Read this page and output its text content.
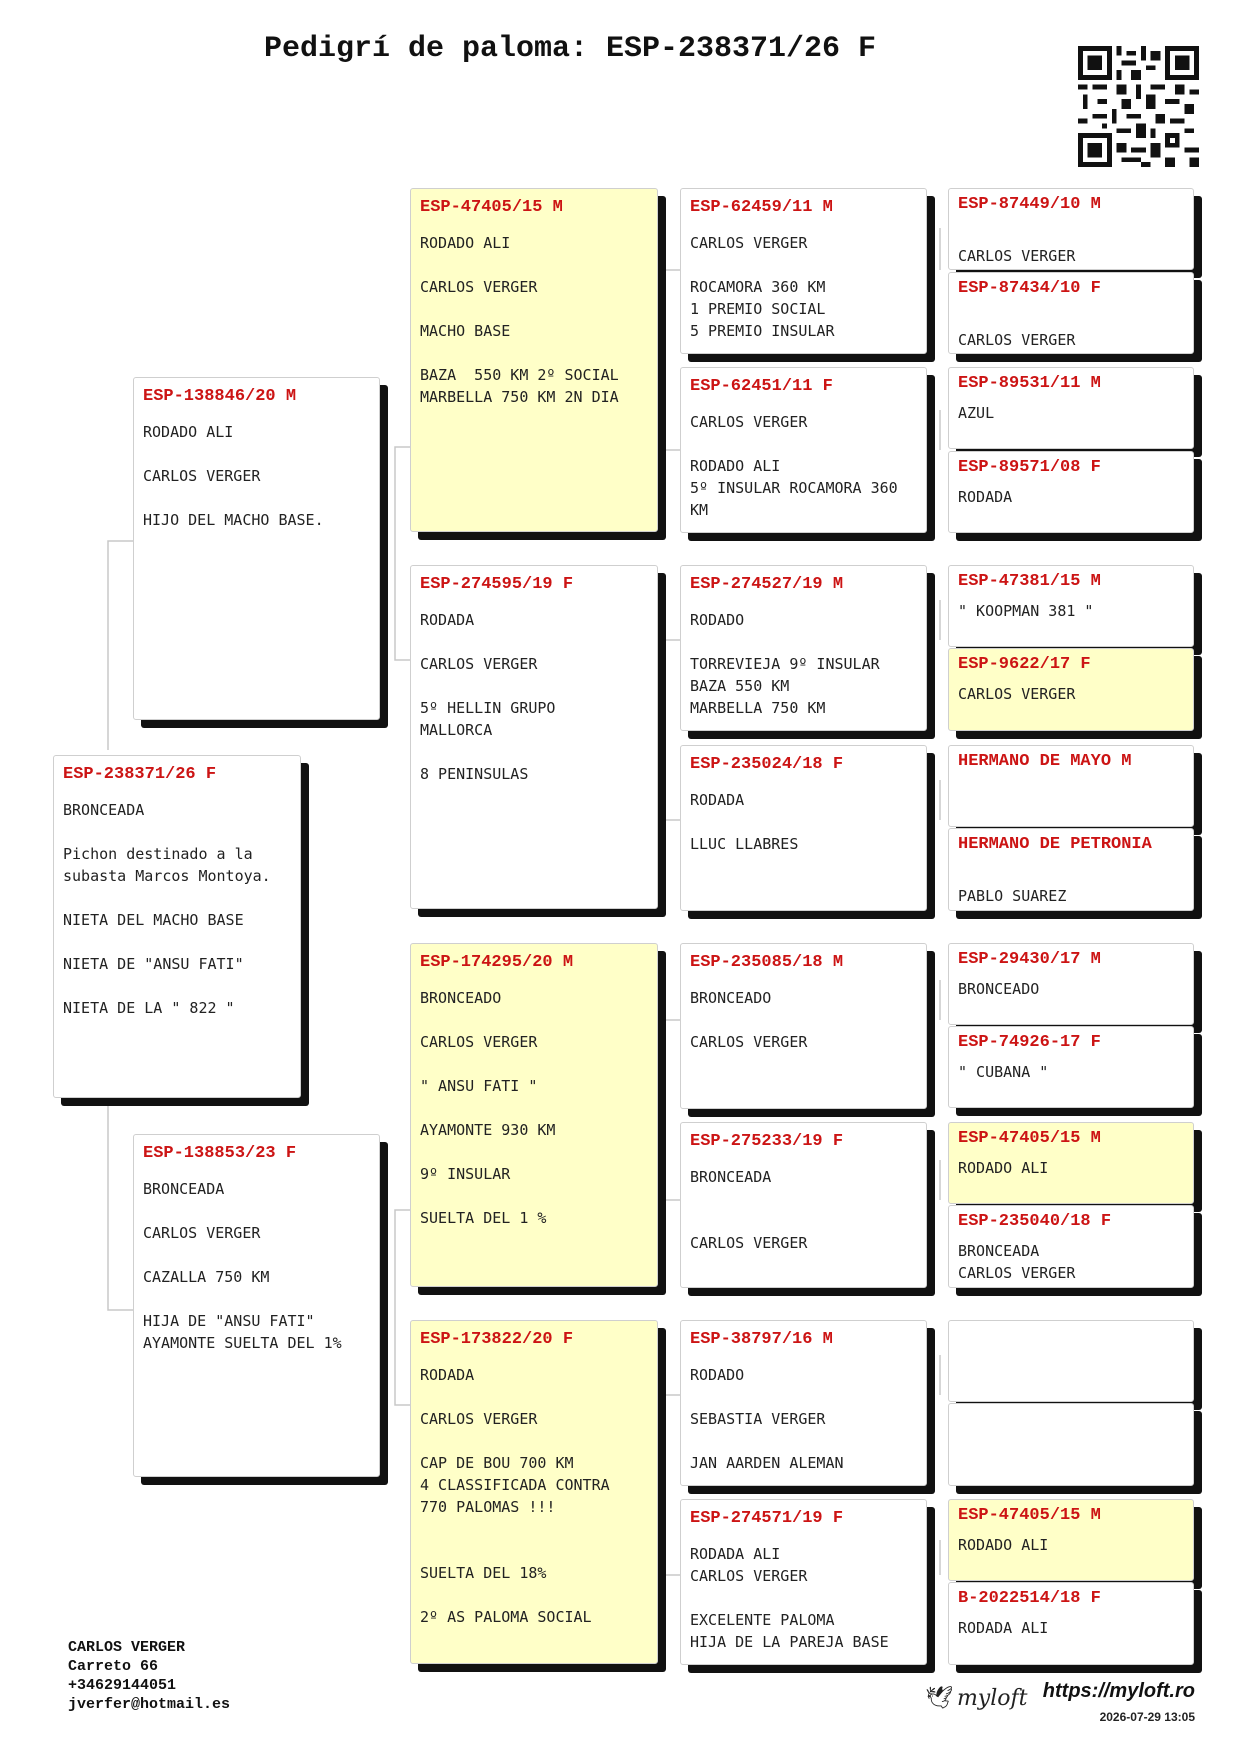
Pedigrí de paloma: ESP-238371/26 F
ESP-238371/26 F
BRONCEADA

Pichon destinado a la
subasta Marcos Montoya.

NIETA DEL MACHO BASE

NIETA DE "ANSU FATI"

NIETA DE LA " 822 "
ESP-138846/20 M
RODADO ALI

CARLOS VERGER

HIJO DEL MACHO BASE.
ESP-138853/23 F
BRONCEADA

CARLOS VERGER

CAZALLA 750 KM

HIJA DE "ANSU FATI"
AYAMONTE SUELTA DEL 1%
ESP-47405/15 M
RODADO ALI

CARLOS VERGER

MACHO BASE

BAZA  550 KM 2º SOCIAL
MARBELLA 750 KM 2N DIA
ESP-274595/19 F
RODADA

CARLOS VERGER

5º HELLIN GRUPO
MALLORCA

8 PENINSULAS
ESP-174295/20 M
BRONCEADO

CARLOS VERGER

" ANSU FATI "

AYAMONTE 930 KM

9º INSULAR

SUELTA DEL 1 %
ESP-173822/20 F
RODADA

CARLOS VERGER

CAP DE BOU 700 KM
4 CLASSIFICADA CONTRA
770 PALOMAS !!!

SUELTA DEL 18%

2º AS PALOMA SOCIAL
ESP-62459/11 M
CARLOS VERGER

ROCAMORA 360 KM
1 PREMIO SOCIAL
5 PREMIO INSULAR
ESP-62451/11 F
CARLOS VERGER

RODADO ALI
5º INSULAR ROCAMORA 360
KM
ESP-274527/19 M
RODADO

TORREVIEJA 9º INSULAR
BAZA 550 KM
MARBELLA 750 KM
ESP-235024/18 F
RODADA

LLUC LLABRES
ESP-235085/18 M
BRONCEADO

CARLOS VERGER
ESP-275233/19 F
BRONCEADA

CARLOS VERGER
ESP-38797/16 M
RODADO

SEBASTIA VERGER

JAN AARDEN ALEMAN
ESP-274571/19 F
RODADA ALI
CARLOS VERGER

EXCELENTE PALOMA
HIJA DE LA PAREJA BASE
ESP-87449/10 M

CARLOS VERGER
ESP-87434/10 F

CARLOS VERGER
ESP-89531/11 M
AZUL
ESP-89571/08 F
RODADA
ESP-47381/15 M
" KOOPMAN 381 "
ESP-9622/17 F
CARLOS VERGER
HERMANO DE MAYO M
HERMANO DE PETRONIA

PABLO SUAREZ
ESP-29430/17 M
BRONCEADO
ESP-74926-17 F
" CUBANA "
ESP-47405/15 M
RODADO ALI
ESP-235040/18 F
BRONCEADA
CARLOS VERGER
ESP-47405/15 M
RODADO ALI
B-2022514/18 F
RODADA ALI
CARLOS VERGER
Carreto 66
+34629144051
jverfer@hotmail.es	🕊 myloft https://myloft.ro
2026-07-29 13:05
